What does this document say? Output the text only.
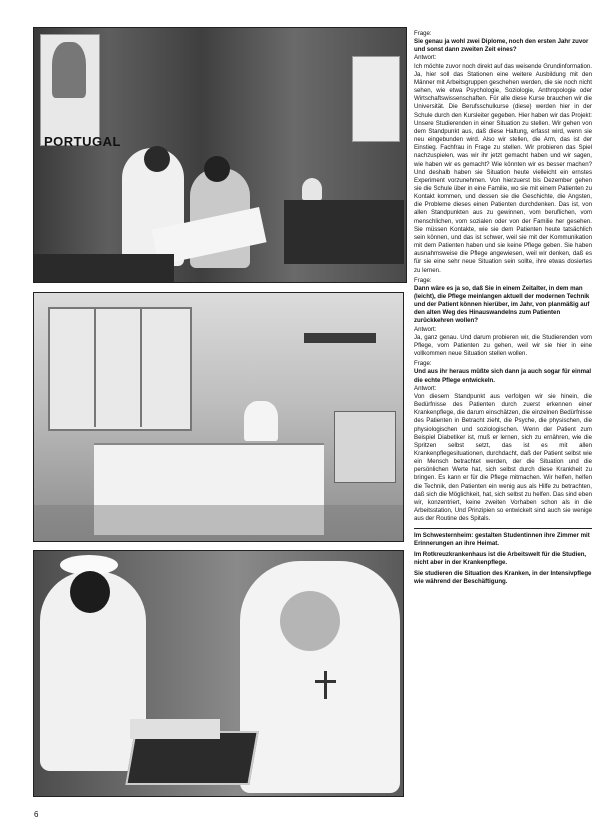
PORTUGAL

Frage:

Sie genau ja wohl zwei Diplome, noch den ersten Jahr zuvor und sonst dann zweiten Zeit eines?

Antwort:

Ich möchte zuvor noch direkt auf das weisende Grundinformation. Ja, hier soll das Stationen eine weitere Ausbildung mit den Männer mit Arbeitsgruppen geschehen werden, die sie noch nicht sehen, wie etwa Psychologie, Soziologie, Anthropologie oder Wirtschaftswissenschaften. Für alle diese Kurse brauchen wir die Universität. Die Berufsschulkurse (diese) werden hier in der Schule durch den Kursleiter gegeben. Hier haben wir das Projekt: Unsere Studierenden in einer Situation zu stellen. Wir gehen von dem Standpunkt aus, daß diese Haltung, erfasst wird, wenn sie neu eingebunden wird. Also wir stellen, die Arm, das ist der Einstieg. Fachfrau in Frage zu stellen. Wir probieren das Spiel nachzuspielen, was wir ihr jetzt gemacht haben und wir sagen, wie haben wir es gemacht? Wie könnten wir es besser machen? Und deshalb haben sie Situation heute vielleicht ein ernstes Experiment vorzunehmen. Von hierzuerst bis Dezember gehen sie die Schule über in eine Familie, wo sie mit einem Patienten zu Kontakt kommen, und dessen sie die Geschichte, die Angsten, die Probleme dieses einen Patienten durchdenken. Das ist, von allen Standpunkten aus zu gewinnen, vom beruflichen, vom menschlichen, vom sozialen oder von der Familie her gesehen. Sie müssen Kontakte, wie sie dem Patienten heute tatsächlich sein können, und das ist schwer, weil sie mit der Kommunikation mit dem Patienten haben und sie keine Pflege geben. Sie haben ausnahmsweise die Pflege angewiesen, weil wir denken, daß es für sie eine sehr neue Situation sein sollte, ihre etwas dosiertes zu lernen.

Frage:

Dann wäre es ja so, daß Sie in einem Zeitalter, in dem man (leicht), die Pflege meinlangen aktuell der modernen Technik und der Patient können hierüber, im Jahr, von planmäßig auf den alten Weg des Hinauswandelns zum Patienten zurückkehren wollen?

Antwort:

Ja, ganz genau. Und darum probieren wir, die Studierenden vom Pflege, vom Patienten zu gehen, weil wir sie hier in eine vollkommen neue Situation stellen wollen.

Frage:

Und aus ihr heraus müßte sich dann ja auch sogar für einmal die echte Pflege entwickeln.

Antwort:

Von diesem Standpunkt aus verfolgen wir sie hinein, die Bedürfnisse des Patienten durch zuerst erkennen einer Krankenpflege, die darum einschätzen, die einzelnen Bedürfnisse des Patienten in Betracht zieht, die Psyche, die physischen, die physiologischen und soziologischen. Wenn der Patient zum Beispiel Diabetiker ist, muß er lernen, sich zu ernähren, wie die Spritzen selbst setzt, das ist es mit allen Krankenpflegesituationen, durchdacht, daß der Patient selbst wie ein Mensch betrachtet werden, der die Situation und die persönlichen Werte hat, sich selbst durch diese Krankheit zu bringen. Es kann er für die Pflege mitmachen. Wir helfen, helfen die Technik, den Patienten ein wenig aus als Hilfe zu betrachten, daß sich die Möglichkeit, hat, sich selbst zu helfen. Das sind eben wir, konzentriert, keine zweiten Vorhaben schon als in die Arbeitsstation, Und Prinzipien so entwickelt sind auch sie wenige aus der Routine des Spitals.

Im Schwesternheim: gestalten Studentinnen ihre Zimmer mit Erinnerungen an ihre Heimat.

Im Rotkreuzkrankenhaus ist die Arbeitswelt für die Studien, nicht aber in der Krankenpflege.

Sie studieren die Situation des Kranken, in der Intensivpflege wie während der Beschäftigung.

6
